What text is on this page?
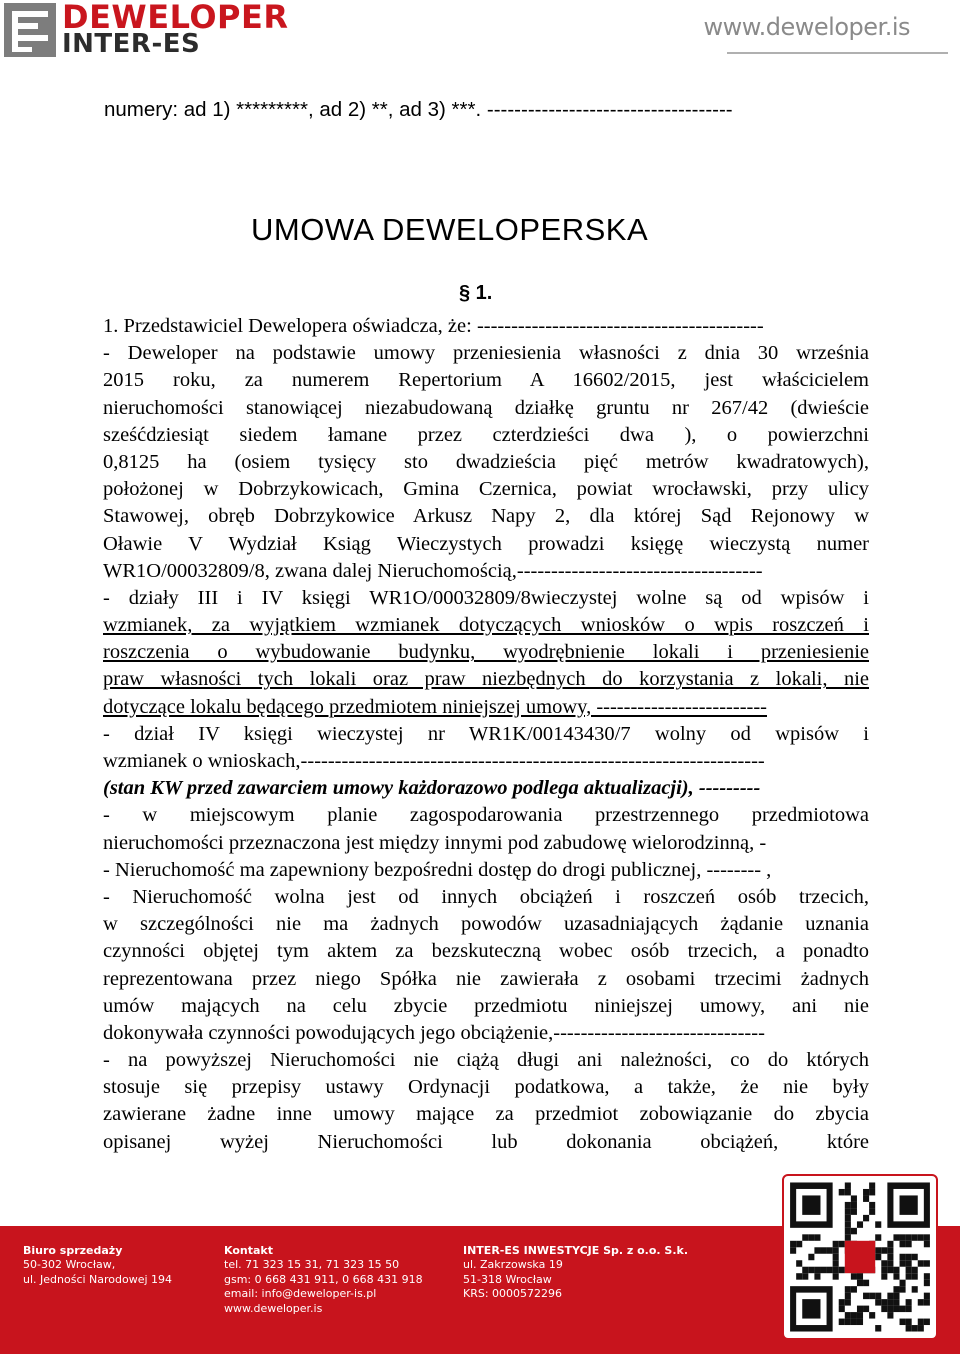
DEWELOPER
INTER-ES
www.deweloper.is
numery: ad 1) *********, ad 2) **, ad 3) ***. ------------------------------------
UMOWA DEWELOPERSKA
§ 1.
1. Przedstawiciel Dewelopera oświadcza, że: ------------------------------------------
- Deweloper na podstawie umowy przeniesienia własności z dnia 30 września
2015 roku, za numerem Repertorium A 16602/2015, jest właścicielem
nieruchomości stanowiącej niezabudowaną działkę gruntu nr 267/42 (dwieście
sześćdziesiąt siedem łamane przez czterdzieści dwa ), o powierzchni
0,8125 ha (osiem tysięcy sto dwadzieścia pięć metrów kwadratowych),
położonej w Dobrzykowicach, Gmina Czernica, powiat wrocławski, przy ulicy
Stawowej, obręb Dobrzykowice Arkusz Napy 2, dla której Sąd Rejonowy w
Oławie V Wydział Ksiąg Wieczystych prowadzi księgę wieczystą numer
WR1O/00032809/8, zwana dalej Nieruchomością,------------------------------------
- działy III i IV księgi WR1O/00032809/8wieczystej wolne są od wpisów i
wzmianek, za wyjątkiem wzmianek dotyczących wniosków o wpis roszczeń i
roszczenia o wybudowanie budynku, wyodrębnienie lokali i przeniesienie
praw własności tych lokali oraz praw niezbędnych do korzystania z lokali, nie
dotyczące lokalu będącego przedmiotem niniejszej umowy, -------------------------
- dział IV księgi wieczystej nr WR1K/00143430/7 wolny od wpisów i
wzmianek o wnioskach,--------------------------------------------------------------------
(stan KW przed zawarciem umowy każdorazowo podlega aktualizacji), ---------
- w miejscowym planie zagospodarowania przestrzennego przedmiotowa
nieruchomości przeznaczona jest między innymi pod zabudowę wielorodzinną, -
- Nieruchomość ma zapewniony bezpośredni dostęp do drogi publicznej, -------- ,
- Nieruchomość wolna jest od innych obciążeń i roszczeń osób trzecich,
w szczególności nie ma żadnych powodów uzasadniających żądanie uznania
czynności objętej tym aktem za bezskuteczną wobec osób trzecich, a ponadto
reprezentowana przez niego Spółka nie zawierała z osobami trzecimi żadnych
umów mających na celu zbycie przedmiotu niniejszej umowy, ani nie
dokonywała czynności powodujących jego obciążenie,-------------------------------
- na powyższej Nieruchomości nie ciążą długi ani należności, co do których
stosuje się przepisy ustawy Ordynacji podatkowa, a także, że nie były
zawierane żadne inne umowy mające za przedmiot zobowiązanie do zbycia
opisanej wyżej Nieruchomości lub dokonania obciążeń, które
Biuro sprzedaży
50-302 Wrocław,
ul. Jedności Narodowej 194
Kontakt
tel. 71 323 15 31, 71 323 15 50
gsm: 0 668 431 911, 0 668 431 918
email: info@deweloper-is.pl
www.deweloper.is
INTER-ES INWESTYCJE Sp. z o.o. S.k.
ul. Zakrzowska 19
51-318 Wrocław
KRS: 0000572296
